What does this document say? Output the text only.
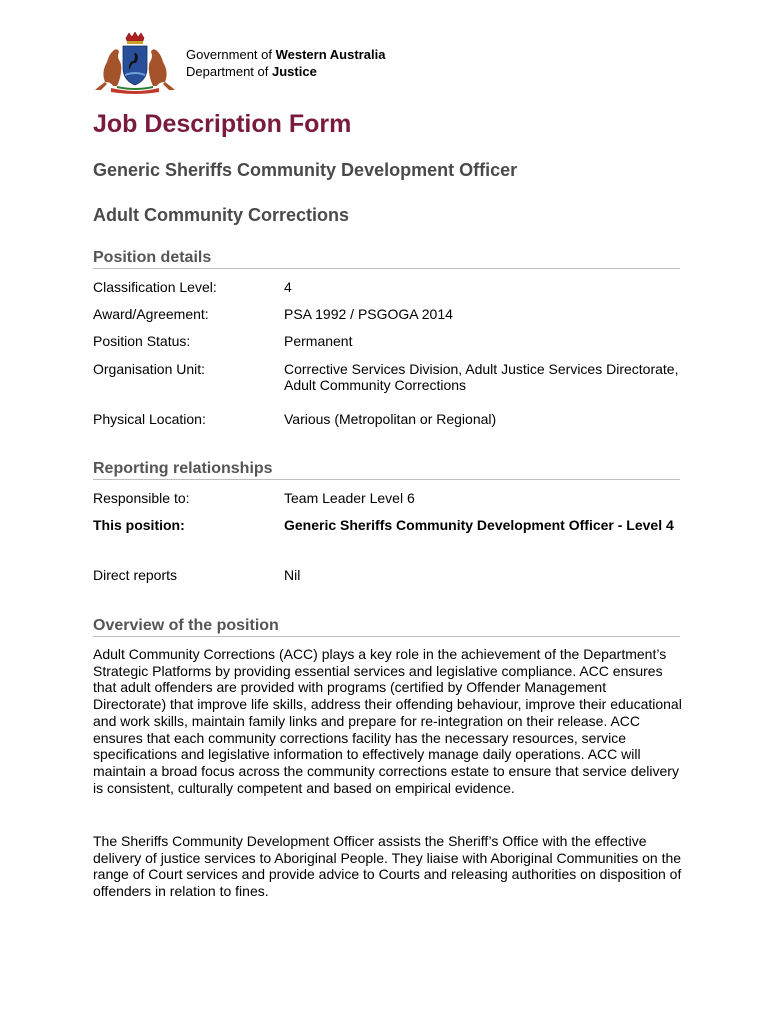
Government of Western Australia
Department of Justice
Job Description Form
Generic Sheriffs Community Development Officer
Adult Community Corrections
Position details
Classification Level:	4
Award/Agreement:	PSA 1992 / PSGOGA 2014
Position Status:	Permanent
Organisation Unit:	Corrective Services Division, Adult Justice Services Directorate, Adult Community Corrections
Physical Location:	Various (Metropolitan or Regional)
Reporting relationships
Responsible to:	Team Leader Level 6
This position:	Generic Sheriffs Community Development Officer - Level 4
Direct reports	Nil
Overview of the position

Adult Community Corrections (ACC) plays a key role in the achievement of the Department’s Strategic Platforms by providing essential services and legislative compliance. ACC ensures that adult offenders are provided with programs (certified by Offender Management Directorate) that improve life skills, address their offending behaviour, improve their educational and work skills, maintain family links and prepare for re-integration on their release. ACC ensures that each community corrections facility has the necessary resources, service specifications and legislative information to effectively manage daily operations. ACC will maintain a broad focus across the community corrections estate to ensure that service delivery is consistent, culturally competent and based on empirical evidence.

The Sheriffs Community Development Officer assists the Sheriff’s Office with the effective delivery of justice services to Aboriginal People. They liaise with Aboriginal Communities on the range of Court services and provide advice to Courts and releasing authorities on disposition of offenders in relation to fines.
